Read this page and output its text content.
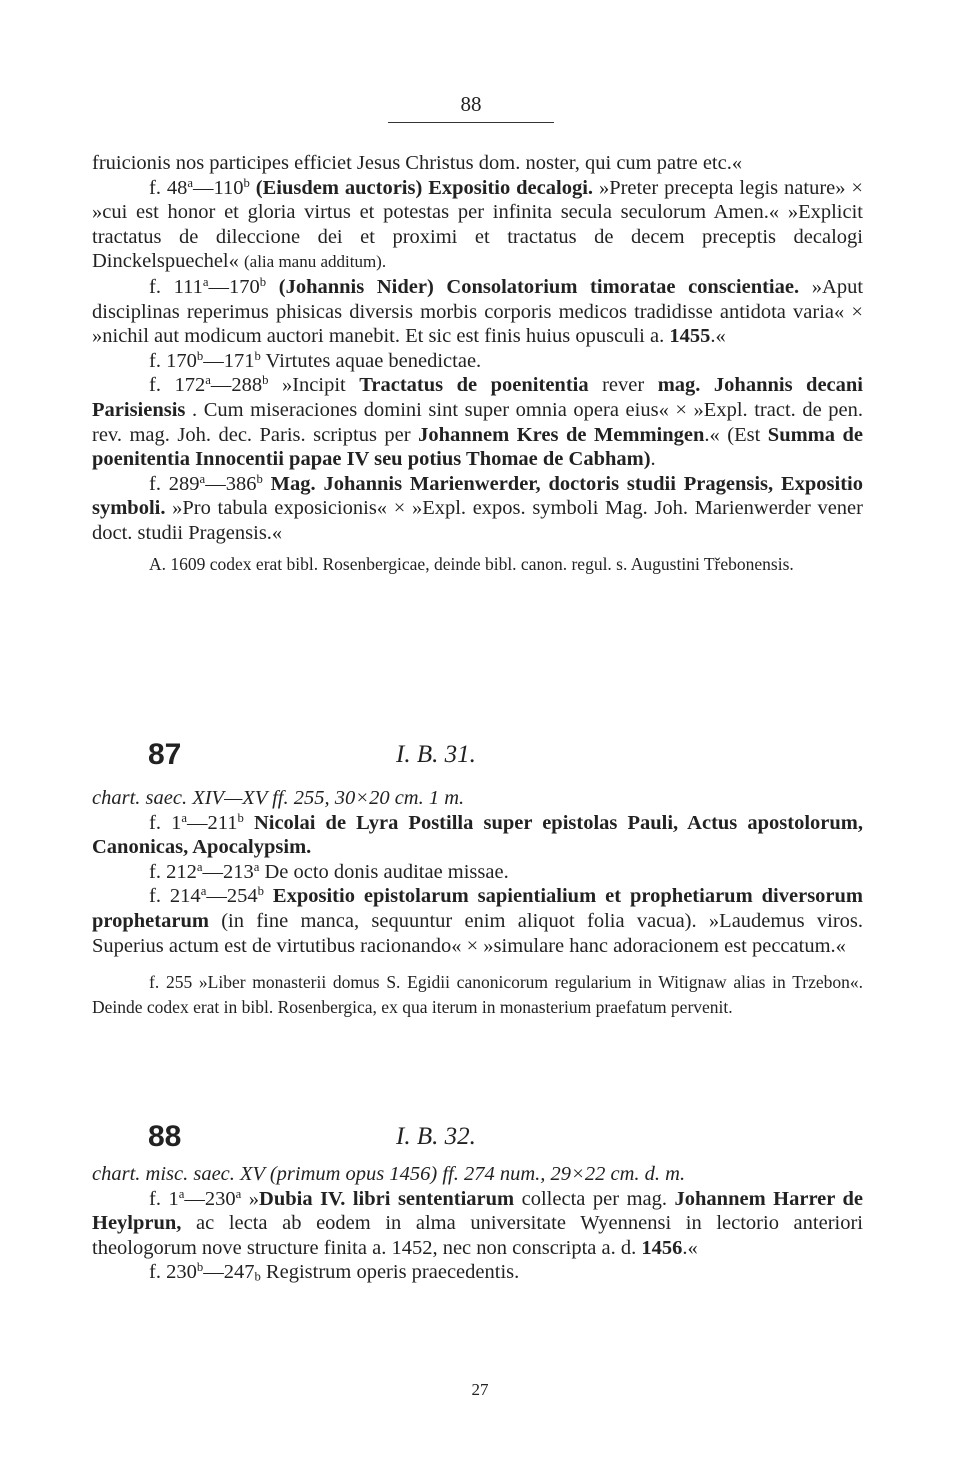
88

fruicionis nos participes efficiet Jesus Christus dom. noster, qui cum patre etc.«

f. 48$^a$—110$^b$ (Eiusdem auctoris) Expositio decalogi. »Preter precepta legis nature» × »cui est honor et gloria virtus et potestas per infinita secula seculorum Amen.« »Explicit tractatus de dileccione dei et proximi et tractatus de decem preceptis decalogi Dinckelspuechel« (alia manu additum).

f. 111$^a$—170$^b$ (Johannis Nider) Consolatorium timoratae conscientiae. »Aput disciplinas reperimus phisicas diversis morbis corporis medicos tradidisse antidota varia« × »nichil aut modicum auctori manebit. Et sic est finis huius opusculi a. 1455.«

f. 170$^b$—171$^b$ Virtutes aquae benedictae.

f. 172$^a$—288$^b$ »Incipit Tractatus de poenitentia rever mag. Johannis decani Parisiensis . Cum miseraciones domini sint super omnia opera eius« × »Expl. tract. de pen. rev. mag. Joh. dec. Paris. scriptus per Johannem Kres de Memmingen.« (Est Summa de poenitentia Innocentii papae IV seu potius Thomae de Cabham).

f. 289$^a$—386$^b$ Mag. Johannis Marienwerder, doctoris studii Pragensis, Expositio symboli. »Pro tabula exposicionis« × »Expl. expos. symboli Mag. Joh. Marienwerder vener doct. studii Pragensis.«

A. 1609 codex erat bibl. Rosenbergicae, deinde bibl. canon. regul. s. Augustini Třebonensis.

87	I. B. 31.

chart. saec. XIV—XV ff. 255, 30×20 cm. 1 m.

f. 1$^a$—211$^b$ Nicolai de Lyra Postilla super epistolas Pauli, Actus apostolorum, Canonicas, Apocalypsim.

f. 212$^a$—213$^a$ De octo donis auditae missae.

f. 214$^a$—254$^b$ Expositio epistolarum sapientialium et prophetiarum diversorum prophetarum (in fine manca, sequuntur enim aliquot folia vacua). »Laudemus viros. Superius actum est de virtutibus racionando« × »simulare hanc adoracionem est peccatum.«

f. 255 »Liber monasterii domus S. Egidii canonicorum regularium in Witignaw alias in Trzebon«. Deinde codex erat in bibl. Rosenbergica, ex qua iterum in monasterium praefatum pervenit.

88	I. B. 32.

chart. misc. saec. XV (primum opus 1456) ff. 274 num., 29×22 cm. d. m.

f. 1$^a$—230$^a$ »Dubia IV. libri sententiarum collecta per mag. Johannem Harrer de Heylprun, ac lecta ab eodem in alma universitate Wyennensi in lectorio anteriori theologorum nove structure finita a. 1452, nec non conscripta a. d. 1456.«

f. $230^b—247_b$ Registrum operis praecedentis.

27
